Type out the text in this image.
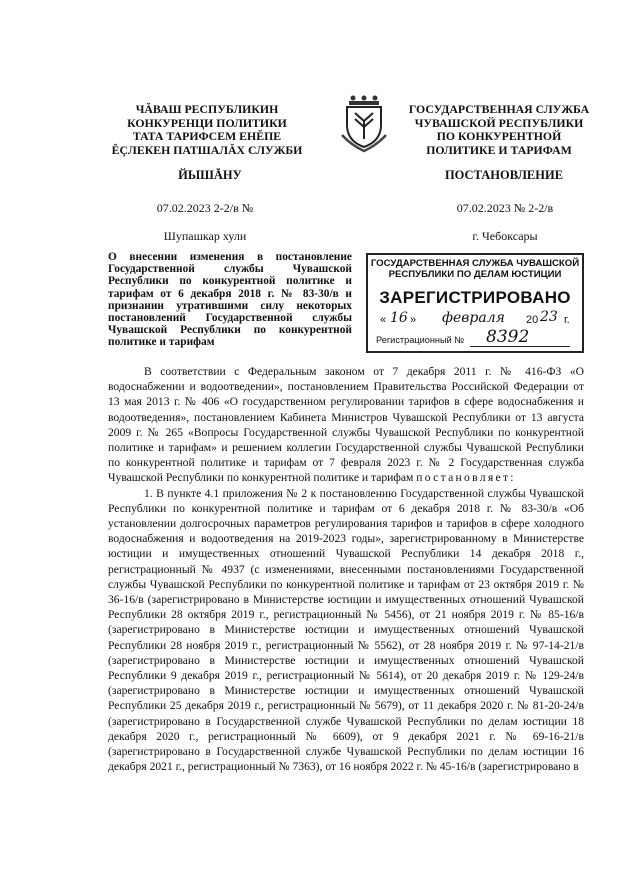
ЧĂВАШ РЕСПУБЛИКИН
КОНКУРЕНЦИ ПОЛИТИКИ
ТАТА ТАРИФСЕМ ЕНĔПЕ
ĔÇЛЕКЕН ПАТШАЛĂХ СЛУЖБИ
ГОСУДАРСТВЕННАЯ СЛУЖБА
ЧУВАШСКОЙ РЕСПУБЛИКИ
ПО КОНКУРЕНТНОЙ
ПОЛИТИКЕ И ТАРИФАМ
ЙЫШĂНУ	ПОСТАНОВЛЕНИЕ
07.02.2023 2-2/в №	07.02.2023 № 2-2/в
Шупашкар хули	г. Чебоксары
О внесении изменения в постановление Государственной службы Чувашской Республики по конкурентной политике и тарифам от 6 декабря 2018 г. № 83-30/в и признании утратившими силу некоторых постановлений Государственной службы Чувашской Республики по конкурентной политике и тарифам
ГОСУДАРСТВЕННАЯ СЛУЖБА ЧУВАШСКОЙ
РЕСПУБЛИКИ ПО ДЕЛАМ ЮСТИЦИИ
ЗАРЕГИСТРИРОВАНО
« 16 » февраля 20 23 г.
Регистрационный № 8392

В соответствии с Федеральным законом от 7 декабря 2011 г. № 416-ФЗ «О водоснабжении и водоотведении», постановлением Правительства Российской Федерации от 13 мая 2013 г. № 406 «О государственном регулировании тарифов в сфере водоснабжения и водоотведения», постановлением Кабинета Министров Чувашской Республики от 13 августа 2009 г. № 265 «Вопросы Государственной службы Чувашской Республики по конкурентной политике и тарифам» и решением коллегии Государственной службы Чувашской Республики по конкурентной политике и тарифам от 7 февраля 2023 г. № 2 Государственная служба Чувашской Республики по конкурентной политике и тарифам постановляет:

1. В пункте 4.1 приложения № 2 к постановлению Государственной службы Чувашской Республики по конкурентной политике и тарифам от 6 декабря 2018 г. № 83-30/в «Об установлении долгосрочных параметров регулирования тарифов и тарифов в сфере холодного водоснабжения и водоотведения на 2019-2023 годы», зарегистрированному в Министерстве юстиции и имущественных отношений Чувашской Республики 14 декабря 2018 г., регистрационный № 4937 (с изменениями, внесенными постановлениями Государственной службы Чувашской Республики по конкурентной политике и тарифам от 23 октября 2019 г. № 36-16/в (зарегистрировано в Министерстве юстиции и имущественных отношений Чувашской Республики 28 октября 2019 г., регистрационный № 5456), от 21 ноября 2019 г. № 85-16/в (зарегистрировано в Министерстве юстиции и имущественных отношений Чувашской Республики 28 ноября 2019 г., регистрационный № 5562), от 28 ноября 2019 г. № 97-14-21/в (зарегистрировано в Министерстве юстиции и имущественных отношений Чувашской Республики 9 декабря 2019 г., регистрационный № 5614), от 20 декабря 2019 г. № 129-24/в (зарегистрировано в Министерстве юстиции и имущественных отношений Чувашской Республики 25 декабря 2019 г., регистрационный № 5679), от 11 декабря 2020 г. № 81-20-24/в (зарегистрировано в Государственной службе Чувашской Республики по делам юстиции 18 декабря 2020 г., регистрационный № 6609), от 9 декабря 2021 г. № 69-16-21/в (зарегистрировано в Государственной службе Чувашской Республики по делам юстиции 16 декабря 2021 г., регистрационный № 7363), от 16 ноября 2022 г. № 45-16/в (зарегистрировано в
